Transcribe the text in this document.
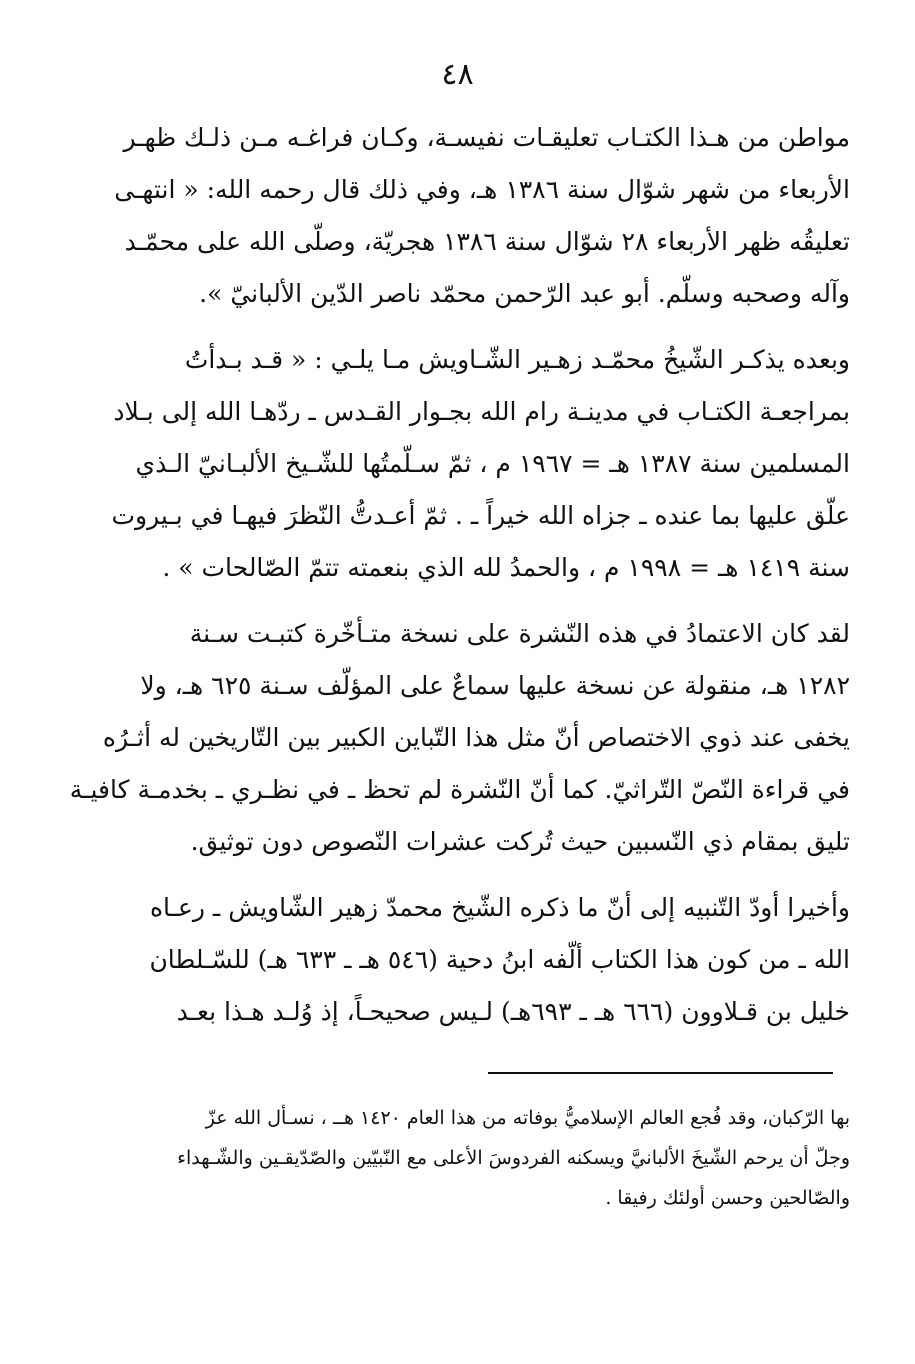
٤٨
مواطن من هـذا الكتـاب تعليقـات نفيسـة، وكـان فراغـه مـن ذلـك ظهـر
الأربعاء من شهر شوّال سنة ١٣٨٦ هـ، وفي ذلك قال رحمه الله: « انتهـى
تعليقُه ظهر الأربعاء ٢٨ شوّال سنة ١٣٨٦ هجريّة، وصلّى الله على محمّـد
وآله وصحبه وسلّم. أبو عبد الرّحمن محمّد ناصر الدّين الألبانيّ ».
وبعده يذكـر الشّيخُ محمّـد زهـير الشّـاويش مـا يلـي : « قـد بـدأتُ
بمراجعـة الكتـاب في مدينـة رام الله بجـوار القـدس ـ ردّهـا الله إلى بـلاد
المسلمين سنة ١٣٨٧ هـ = ١٩٦٧ م ، ثمّ سـلّمتُها للشّـيخ الألبـانيّ الـذي
علّق عليها بما عنده ـ جزاه الله خيراً ـ . ثمّ أعـدتُّ النّظرَ فيهـا في بـيروت
سنة ١٤١٩ هـ = ١٩٩٨ م ، والحمدُ لله الذي بنعمته تتمّ الصّالحات » .
لقد كان الاعتمادُ في هذه النّشرة على نسخة متـأخّرة كتبـت سـنة
١٢٨٢ هـ، منقولة عن نسخة عليها سماعٌ على المؤلّف سـنة ٦٢٥ هـ، ولا
يخفى عند ذوي الاختصاص أنّ مثل هذا التّباين الكبير بين التّاريخين له أثـرُه
في قراءة النّصّ التّراثيّ. كما أنّ النّشرة لم تحظ ـ في نظـري ـ بخدمـة كافيـة
تليق بمقام ذي النّسبين حيث تُركت عشرات النّصوص دون توثيق.
وأخيرا أودّ التّنبيه إلى أنّ ما ذكره الشّيخ محمدّ زهير الشّاويش ـ رعـاه
الله ـ من كون هذا الكتاب ألّفه ابنُ دحية (٥٤٦ هـ ـ ٦٣٣ هـ) للسّـلطان
خليل بن قـلاوون (٦٦٦ هـ ـ ٦٩٣هـ) لـيس صحيحـاً، إذ وُلـد هـذا بعـد
بها الرّكبان، وقد فُجع العالم الإسلاميُّ بوفاته من هذا العام ١٤٢٠ هــ ، نسـأل الله عزّ
وجلّ أن يرحم الشّيخَ الألبانيَّ ويسكنه الفردوسَ الأعلى مع النّبيّين والصّدّيقـين والشّـهداء
والصّالحين وحسن أولئك رفيقا .
